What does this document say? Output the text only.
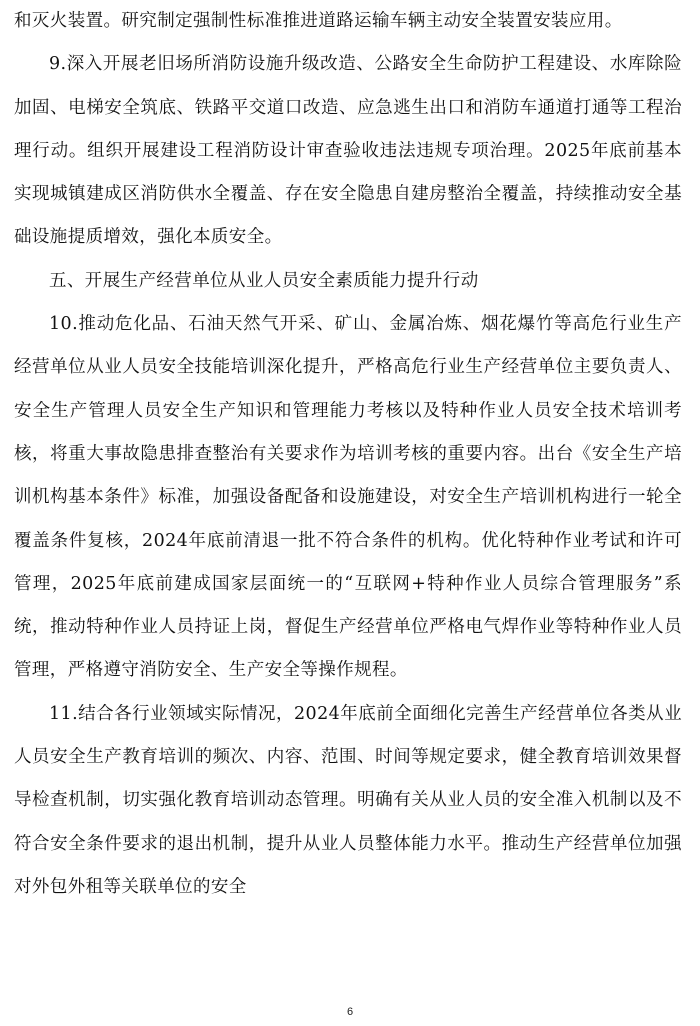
和灭火装置。研究制定强制性标准推进道路运输车辆主动安全装置安装应用。

9.深入开展老旧场所消防设施升级改造、公路安全生命防护工程建设、水库除险加固、电梯安全筑底、铁路平交道口改造、应急逃生出口和消防车通道打通等工程治理行动。组织开展建设工程消防设计审查验收违法违规专项治理。2025年底前基本实现城镇建成区消防供水全覆盖、存在安全隐患自建房整治全覆盖，持续推动安全基础设施提质增效，强化本质安全。

五、开展生产经营单位从业人员安全素质能力提升行动

10.推动危化品、石油天然气开采、矿山、金属冶炼、烟花爆竹等高危行业生产经营单位从业人员安全技能培训深化提升，严格高危行业生产经营单位主要负责人、安全生产管理人员安全生产知识和管理能力考核以及特种作业人员安全技术培训考核，将重大事故隐患排查整治有关要求作为培训考核的重要内容。出台《安全生产培训机构基本条件》标准，加强设备配备和设施建设，对安全生产培训机构进行一轮全覆盖条件复核，2024年底前清退一批不符合条件的机构。优化特种作业考试和许可管理，2025年底前建成国家层面统一的“互联网+特种作业人员综合管理服务”系统，推动特种作业人员持证上岗，督促生产经营单位严格电气焊作业等特种作业人员管理，严格遵守消防安全、生产安全等操作规程。

11.结合各行业领域实际情况，2024年底前全面细化完善生产经营单位各类从业人员安全生产教育培训的频次、内容、范围、时间等规定要求，健全教育培训效果督导检查机制，切实强化教育培训动态管理。明确有关从业人员的安全准入机制以及不符合安全条件要求的退出机制，提升从业人员整体能力水平。推动生产经营单位加强对外包外租等关联单位的安全

6
